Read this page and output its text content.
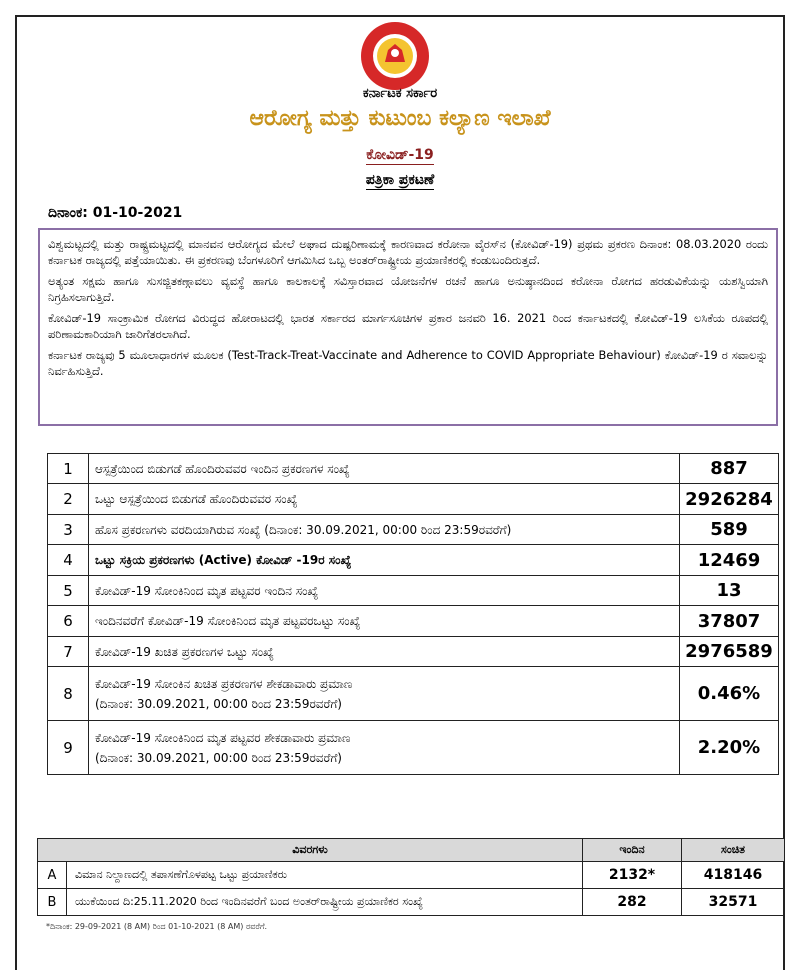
ಕರ್ನಾಟಕ ಸರ್ಕಾರ
ಆರೋಗ್ಯ ಮತ್ತು ಕುಟುಂಬ ಕಲ್ಯಾಣ ಇಲಾಖೆ
ಕೋವಿಡ್-19
ಪತ್ರಿಕಾ ಪ್ರಕಟಣೆ
ದಿನಾಂಕ: 01-10-2021

ವಿಶ್ವಮಟ್ಟದಲ್ಲಿ ಮತ್ತು ರಾಷ್ಟ್ರಮಟ್ಟದಲ್ಲಿ ಮಾನವನ ಆರೋಗ್ಯದ ಮೇಲೆ ಅಘಾದ ದುಷ್ಪರಿಣಾಮಕ್ಕೆ ಕಾರಣವಾದ ಕರೋನಾ ವೈರಸ್‌ನ (ಕೋವಿಡ್-19) ಪ್ರಥಮ ಪ್ರಕರಣ ದಿನಾಂಕ: 08.03.2020 ರಂದು ಕರ್ನಾಟಕ ರಾಜ್ಯದಲ್ಲಿ ಪತ್ತೆಯಾಯಿತು. ಈ ಪ್ರಕರಣವು ಬೆಂಗಳೂರಿಗೆ ಆಗಮಿಸಿದ ಒಬ್ಬ ಅಂತರ್‌ರಾಷ್ಟ್ರೀಯ ಪ್ರಯಾಣಿಕರಲ್ಲಿ ಕಂಡುಬಂದಿರುತ್ತದೆ.

ಅತ್ಯಂತ ಸಕ್ಷಮ ಹಾಗೂ ಸುಸಜ್ಜಿತಕಣ್ಗಾವಲು ವ್ಯವಸ್ಥೆ ಹಾಗೂ ಕಾಲಕಾಲಕ್ಕೆ ಸವಿಸ್ತಾರವಾದ ಯೋಜನೆಗಳ ರಚನೆ ಹಾಗೂ ಅನುಷ್ಠಾನದಿಂದ ಕರೋನಾ ರೋಗದ ಹರಡುವಿಕೆಯನ್ನು ಯಶಸ್ವಿಯಾಗಿ ನಿಗ್ರಹಿಸಲಾಗುತ್ತಿದೆ.

ಕೋವಿಡ್-19 ಸಾಂಕ್ರಾಮಿಕ ರೋಗದ ವಿರುದ್ಧದ ಹೋರಾಟದಲ್ಲಿ ಭಾರತ ಸರ್ಕಾರದ ಮಾರ್ಗಸೂಚಿಗಳ ಪ್ರಕಾರ ಜನವರಿ 16. 2021 ರಿಂದ ಕರ್ನಾಟಕದಲ್ಲಿ ಕೋವಿಡ್-19 ಲಸಿಕೆಯ ರೂಪದಲ್ಲಿ ಪರಿಣಾಮಕಾರಿಯಾಗಿ ಜಾರಿಗೆತರಲಾಗಿದೆ.

ಕರ್ನಾಟಕ ರಾಜ್ಯವು 5 ಮೂಲಾಧಾರಗಳ ಮೂಲಕ (Test-Track-Treat-Vaccinate and Adherence to COVID Appropriate Behaviour) ಕೋವಿಡ್-19 ರ ಸವಾಲನ್ನು ನಿರ್ವಹಿಸುತ್ತಿದೆ.

1	ಆಸ್ಪತ್ರೆಯಿಂದ ಬಿಡುಗಡೆ ಹೊಂದಿರುವವರ ಇಂದಿನ ಪ್ರಕರಣಗಳ ಸಂಖ್ಯೆ	887
2	ಒಟ್ಟು ಆಸ್ಪತ್ರೆಯಿಂದ ಬಿಡುಗಡೆ ಹೊಂದಿರುವವರ ಸಂಖ್ಯೆ	2926284
3	ಹೊಸ ಪ್ರಕರಣಗಳು ವರದಿಯಾಗಿರುವ ಸಂಖ್ಯೆ (ದಿನಾಂಕ: 30.09.2021, 00:00 ರಿಂದ 23:59ರವರೆಗೆ)	589
4	ಒಟ್ಟು ಸಕ್ರಿಯ ಪ್ರಕರಣಗಳು (Active) ಕೋವಿಡ್ -19ರ ಸಂಖ್ಯೆ	12469
5	ಕೋವಿಡ್-19 ಸೋಂಕಿನಿಂದ ಮೃತ ಪಟ್ಟವರ ಇಂದಿನ ಸಂಖ್ಯೆ	13
6	ಇಂದಿನವರೆಗೆ ಕೋವಿಡ್-19 ಸೋಂಕಿನಿಂದ ಮೃತ ಪಟ್ಟವರಒಟ್ಟು ಸಂಖ್ಯೆ	37807
7	ಕೋವಿಡ್-19 ಖಚಿತ ಪ್ರಕರಣಗಳ ಒಟ್ಟು ಸಂಖ್ಯೆ	2976589
8	ಕೋವಿಡ್-19 ಸೋಂಕಿನ ಖಚಿತ ಪ್ರಕರಣಗಳ ಶೇಕಡಾವಾರು ಪ್ರಮಾಣ
(ದಿನಾಂಕ: 30.09.2021, 00:00 ರಿಂದ 23:59ರವರೆಗೆ)	0.46%
9	ಕೋವಿಡ್-19 ಸೋಂಕಿನಿಂದ ಮೃತ ಪಟ್ಟವರ ಶೇಕಡಾವಾರು ಪ್ರಮಾಣ
(ದಿನಾಂಕ: 30.09.2021, 00:00 ರಿಂದ 23:59ರವರೆಗೆ)	2.20%
ವಿವರಗಳು		ಇಂದಿನ	ಸಂಚಿತ
A	ವಿಮಾನ ನಿಲ್ದಾಣದಲ್ಲಿ ತಪಾಸಣೆಗೊಳಪಟ್ಟ ಒಟ್ಟು ಪ್ರಯಾಣಿಕರು	2132*	418146
B	ಯುಕೆಯಿಂದ ದಿ:25.11.2020 ರಿಂದ ಇಂದಿನವರೆಗೆ ಬಂದ ಅಂತರ್‌ರಾಷ್ಟ್ರೀಯ ಪ್ರಯಾಣಿಕರ ಸಂಖ್ಯೆ	282	32571
*ದಿನಾಂಕ: 29-09-2021 (8 AM) ರಿಂದ 01-10-2021 (8 AM) ರವರೆಗೆ.
